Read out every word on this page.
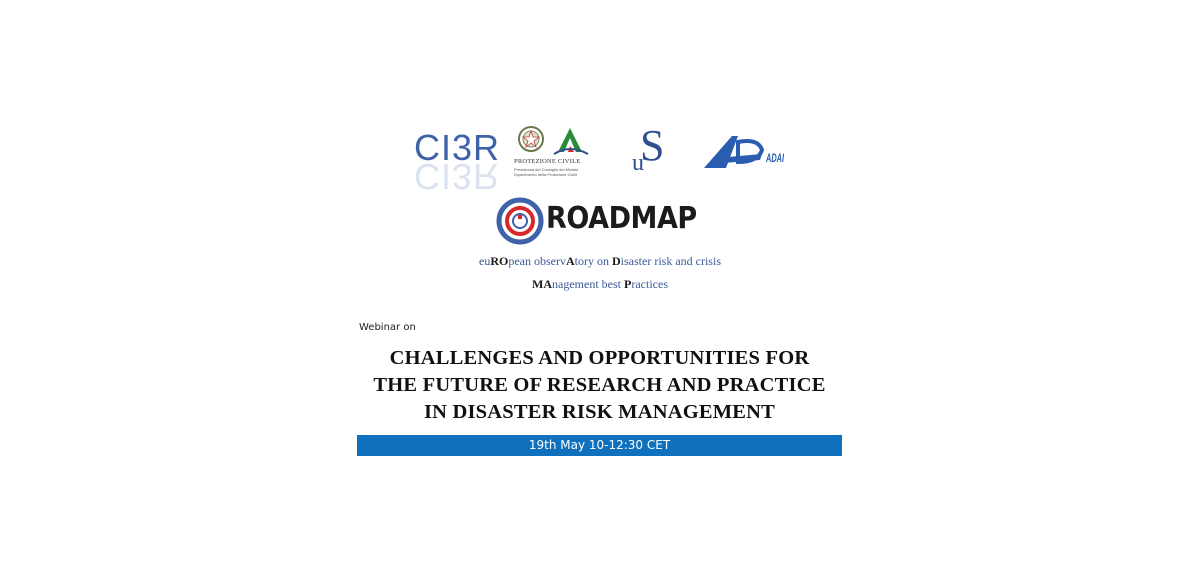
CI3R
CI3R	PROTEZIONE CIVILE
Presidenza del Consiglio dei Ministri
Dipartimento della Protezione Civile
S
u	ADAI
ROADMAP
euROpean observAtory on Disaster risk and crisis
MAnagement best Practices
Webinar on
CHALLENGES AND OPPORTUNITIES FOR
THE FUTURE OF RESEARCH AND PRACTICE
IN DISASTER RISK MANAGEMENT
19th May 10-12:30 CET
